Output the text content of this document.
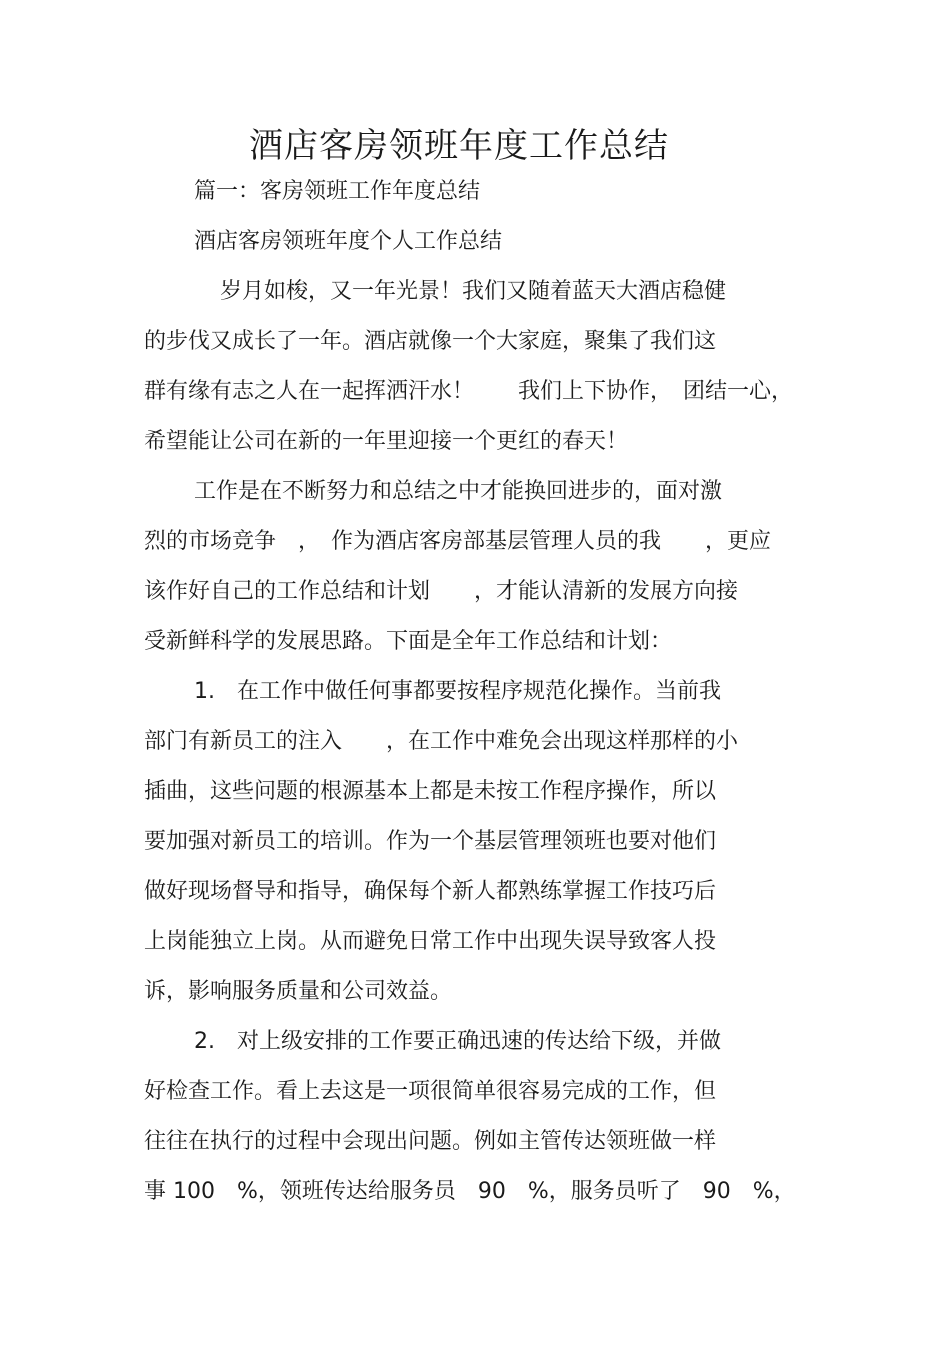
酒店客房领班年度工作总结

篇一：客房领班工作年度总结

酒店客房领班年度个人工作总结

岁月如梭，又一年光景！我们又随着蓝天大酒店稳健

的步伐又成长了一年。酒店就像一个大家庭，聚集了我们这

群有缘有志之人在一起挥洒汗水！　　我们上下协作，　团结一心，

希望能让公司在新的一年里迎接一个更红的春天！

工作是在不断努力和总结之中才能换回进步的，面对激

烈的市场竞争　，　作为酒店客房部基层管理人员的我　　，更应

该作好自己的工作总结和计划　　，才能认清新的发展方向接

受新鲜科学的发展思路。下面是全年工作总结和计划：

1.　在工作中做任何事都要按程序规范化操作。当前我

部门有新员工的注入　　，在工作中难免会出现这样那样的小

插曲，这些问题的根源基本上都是未按工作程序操作，所以

要加强对新员工的培训。作为一个基层管理领班也要对他们

做好现场督导和指导，确保每个新人都熟练掌握工作技巧后

上岗能独立上岗。从而避免日常工作中出现失误导致客人投

诉，影响服务质量和公司效益。

2.　对上级安排的工作要正确迅速的传达给下级，并做

好检查工作。看上去这是一项很简单很容易完成的工作，但

往往在执行的过程中会现出问题。例如主管传达领班做一样

事 100　%，领班传达给服务员　90　%，服务员听了　90　%，
